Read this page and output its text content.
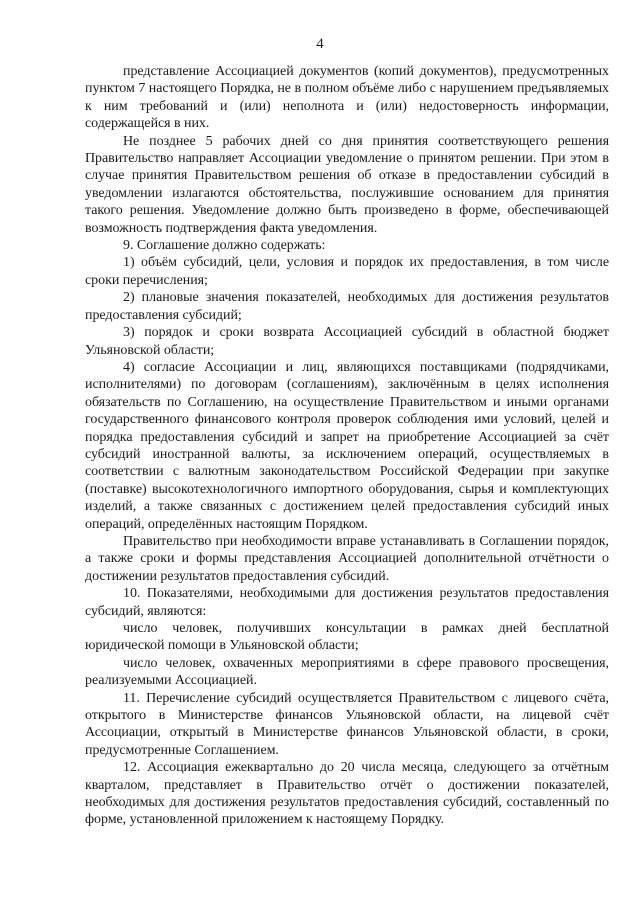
4

представление Ассоциацией документов (копий документов), предусмотренных пунктом 7 настоящего Порядка, не в полном объёме либо с нарушением предъявляемых к ним требований и (или) неполнота и (или) недостоверность информации, содержащейся в них.

Не позднее 5 рабочих дней со дня принятия соответствующего решения Правительство направляет Ассоциации уведомление о принятом решении. При этом в случае принятия Правительством решения об отказе в предоставлении субсидий в уведомлении излагаются обстоятельства, послужившие основанием для принятия такого решения. Уведомление должно быть произведено в форме, обеспечивающей возможность подтверждения факта уведомления.

9. Соглашение должно содержать:

1) объём субсидий, цели, условия и порядок их предоставления, в том числе сроки перечисления;

2) плановые значения показателей, необходимых для достижения результатов предоставления субсидий;

3) порядок и сроки возврата Ассоциацией субсидий в областной бюджет Ульяновской области;

4) согласие Ассоциации и лиц, являющихся поставщиками (подрядчиками, исполнителями) по договорам (соглашениям), заключённым в целях исполнения обязательств по Соглашению, на осуществление Правительством и иными органами государственного финансового контроля проверок соблюдения ими условий, целей и порядка предоставления субсидий и запрет на приобретение Ассоциацией за счёт субсидий иностранной валюты, за исключением операций, осуществляемых в соответствии с валютным законодательством Российской Федерации при закупке (поставке) высокотехнологичного импортного оборудования, сырья и комплектующих изделий, а также связанных с достижением целей предоставления субсидий иных операций, определённых настоящим Порядком.

Правительство при необходимости вправе устанавливать в Соглашении порядок, а также сроки и формы представления Ассоциацией дополнительной отчётности о достижении результатов предоставления субсидий.

10. Показателями, необходимыми для достижения результатов предоставления субсидий, являются:

число человек, получивших консультации в рамках дней бесплатной юридической помощи в Ульяновской области;

число человек, охваченных мероприятиями в сфере правового просвещения, реализуемыми Ассоциацией.

11. Перечисление субсидий осуществляется Правительством с лицевого счёта, открытого в Министерстве финансов Ульяновской области, на лицевой счёт Ассоциации, открытый в Министерстве финансов Ульяновской области, в сроки, предусмотренные Соглашением.

12. Ассоциация ежеквартально до 20 числа месяца, следующего за отчётным кварталом, представляет в Правительство отчёт о достижении показателей, необходимых для достижения результатов предоставления субсидий, составленный по форме, установленной приложением к настоящему Порядку.
